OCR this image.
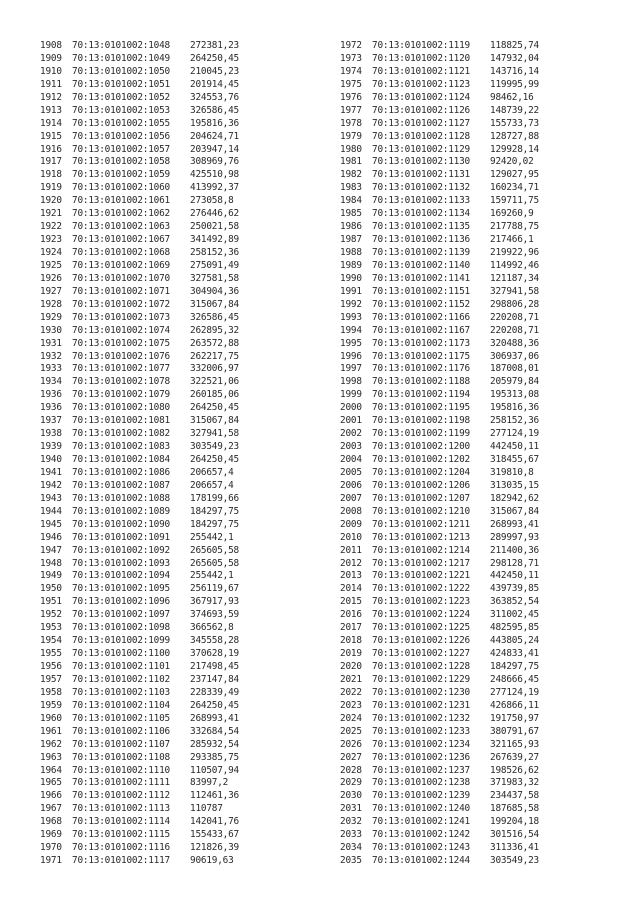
1908 70:13:0101002:1048 272381,23
1909 70:13:0101002:1049 264250,45
1910 70:13:0101002:1050 210045,23
1911 70:13:0101002:1051 201914,45
1912 70:13:0101002:1052 324553,76
1913 70:13:0101002:1053 326586,45
1914 70:13:0101002:1055 195816,36
1915 70:13:0101002:1056 204624,71
1916 70:13:0101002:1057 203947,14
1917 70:13:0101002:1058 308969,76
1918 70:13:0101002:1059 425510,98
1919 70:13:0101002:1060 413992,37
1920 70:13:0101002:1061 273058,8
1921 70:13:0101002:1062 276446,62
1922 70:13:0101002:1063 250021,58
1923 70:13:0101002:1067 341492,89
1924 70:13:0101002:1068 258152,36
1925 70:13:0101002:1069 275091,49
1926 70:13:0101002:1070 327581,58
1927 70:13:0101002:1071 304904,36
1928 70:13:0101002:1072 315067,84
1929 70:13:0101002:1073 326586,45
1930 70:13:0101002:1074 262895,32
1931 70:13:0101002:1075 263572,88
1932 70:13:0101002:1076 262217,75
1933 70:13:0101002:1077 332006,97
1934 70:13:0101002:1078 322521,06
1936 70:13:0101002:1079 260185,06
1936 70:13:0101002:1080 264250,45
1937 70:13:0101002:1081 315067,84
1938 70:13:0101002:1082 327941,58
1939 70:13:0101002:1083 303549,23
1940 70:13:0101002:1084 264250,45
1941 70:13:0101002:1086 206657,4
1942 70:13:0101002:1087 206657,4
1943 70:13:0101002:1088 178199,66
1944 70:13:0101002:1089 184297,75
1945 70:13:0101002:1090 184297,75
1946 70:13:0101002:1091 255442,1
1947 70:13:0101002:1092 265605,58
1948 70:13:0101002:1093 265605,58
1949 70:13:0101002:1094 255442,1
1950 70:13:0101002:1095 256119,67
1951 70:13:0101002:1096 367917,93
1952 70:13:0101002:1097 374693,59
1953 70:13:0101002:1098 366562,8
1954 70:13:0101002:1099 345558,28
1955 70:13:0101002:1100 370628,19
1956 70:13:0101002:1101 217498,45
1957 70:13:0101002:1102 237147,84
1958 70:13:0101002:1103 228339,49
1959 70:13:0101002:1104 264250,45
1960 70:13:0101002:1105 268993,41
1961 70:13:0101002:1106 332684,54
1962 70:13:0101002:1107 285932,54
1963 70:13:0101002:1108 293385,75
1964 70:13:0101002:1110 110507,94
1965 70:13:0101002:1111 83997,2
1966 70:13:0101002:1112 112461,36
1967 70:13:0101002:1113 110787
1968 70:13:0101002:1114 142041,76
1969 70:13:0101002:1115 155433,67
1970 70:13:0101002:1116 121826,39
1971 70:13:0101002:1117 90619,63
1972 70:13:0101002:1119 118825,74
1973 70:13:0101002:1120 147932,04
1974 70:13:0101002:1121 143716,14
1975 70:13:0101002:1123 119995,99
1976 70:13:0101002:1124 98462,16
1977 70:13:0101002:1126 148739,22
1978 70:13:0101002:1127 155733,73
1979 70:13:0101002:1128 128727,88
1980 70:13:0101002:1129 129928,14
1981 70:13:0101002:1130 92420,02
1982 70:13:0101002:1131 129027,95
1983 70:13:0101002:1132 160234,71
1984 70:13:0101002:1133 159711,75
1985 70:13:0101002:1134 169260,9
1986 70:13:0101002:1135 217788,75
1987 70:13:0101002:1136 217466,1
1988 70:13:0101002:1139 219922,96
1989 70:13:0101002:1140 114992,46
1990 70:13:0101002:1141 121187,34
1991 70:13:0101002:1151 327941,58
1992 70:13:0101002:1152 298806,28
1993 70:13:0101002:1166 220208,71
1994 70:13:0101002:1167 220208,71
1995 70:13:0101002:1173 320488,36
1996 70:13:0101002:1175 306937,06
1997 70:13:0101002:1176 187008,01
1998 70:13:0101002:1188 205979,84
1999 70:13:0101002:1194 195313,08
2000 70:13:0101002:1195 195816,36
2001 70:13:0101002:1198 258152,36
2002 70:13:0101002:1199 277124,19
2003 70:13:0101002:1200 442450,11
2004 70:13:0101002:1202 318455,67
2005 70:13:0101002:1204 319810,8
2006 70:13:0101002:1206 313035,15
2007 70:13:0101002:1207 182942,62
2008 70:13:0101002:1210 315067,84
2009 70:13:0101002:1211 268993,41
2010 70:13:0101002:1213 289997,93
2011 70:13:0101002:1214 211400,36
2012 70:13:0101002:1217 298128,71
2013 70:13:0101002:1221 442450,11
2014 70:13:0101002:1222 439739,85
2015 70:13:0101002:1223 363852,54
2016 70:13:0101002:1224 311002,45
2017 70:13:0101002:1225 482595,85
2018 70:13:0101002:1226 443805,24
2019 70:13:0101002:1227 424833,41
2020 70:13:0101002:1228 184297,75
2021 70:13:0101002:1229 248666,45
2022 70:13:0101002:1230 277124,19
2023 70:13:0101002:1231 426866,11
2024 70:13:0101002:1232 191750,97
2025 70:13:0101002:1233 380791,67
2026 70:13:0101002:1234 321165,93
2027 70:13:0101002:1236 267639,27
2028 70:13:0101002:1237 198526,62
2029 70:13:0101002:1238 371983,32
2030 70:13:0101002:1239 234437,58
2031 70:13:0101002:1240 187685,58
2032 70:13:0101002:1241 199204,18
2033 70:13:0101002:1242 301516,54
2034 70:13:0101002:1243 311336,41
2035 70:13:0101002:1244 303549,23
